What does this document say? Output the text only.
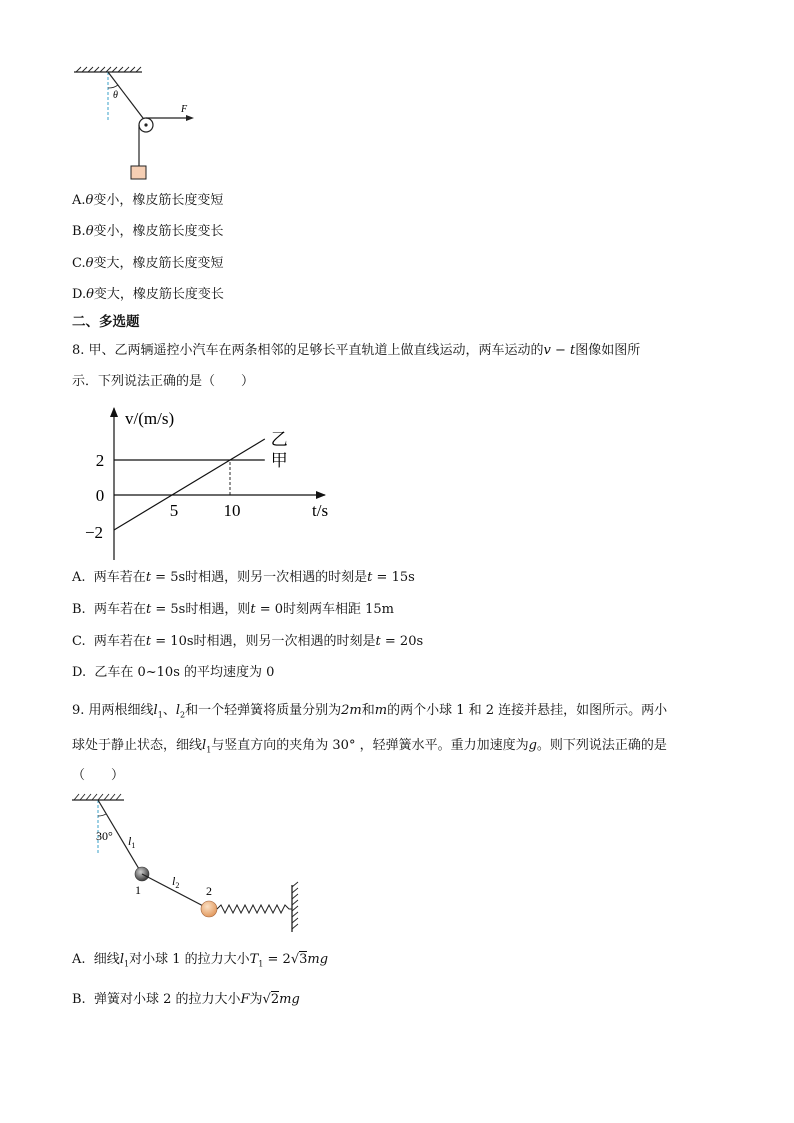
θ
F
A.θ变小，橡皮筋长度变短
B.θ变小，橡皮筋长度变长
C.θ变大，橡皮筋长度变短
D.θ变大，橡皮筋长度变长
二、多选题
8. 甲、乙两辆遥控小汽车在两条相邻的足够长平直轨道上做直线运动，两车运动的v − t图像如图所
示．下列说法正确的是（　　）
v/(m/s)
t/s
2
0
−2
5	10
甲
乙
A. 两车若在t = 5s时相遇，则另一次相遇的时刻是t = 15s
B. 两车若在t = 5s时相遇，则t = 0时刻两车相距 15m
C. 两车若在t = 10s时相遇，则另一次相遇的时刻是t = 20s
D. 乙车在 0~10s 的平均速度为 0
9. 用两根细线$l_1$、$l_2$和一个轻弹簧将质量分别为2m和m的两个小球 1 和 2 连接并悬挂，如图所示。两小
球处于静止状态，细线$l_1$与竖直方向的夹角为 30° ，轻弹簧水平。重力加速度为g。则下列说法正确的是
（　　）
30° $l_1$
1
$l_2$ 2
A. 细线$l_1$对小球 1 的拉力大小$T_1 = 2√3mg$
B. 弹簧对小球 2 的拉力大小F为√2mg
